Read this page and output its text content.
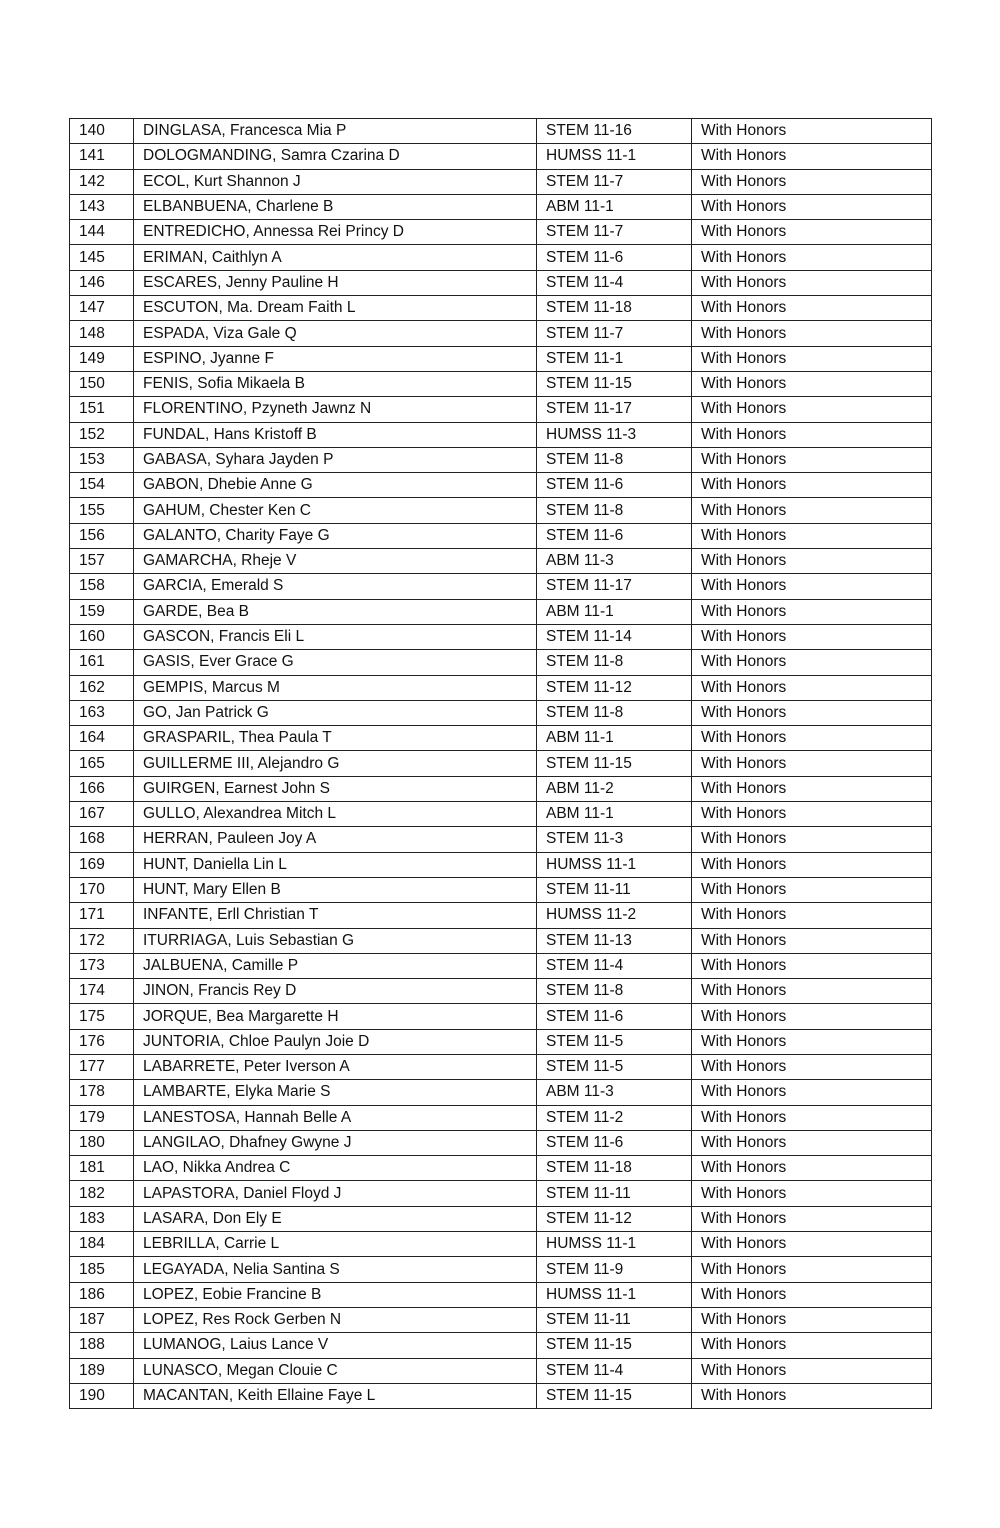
140	DINGLASA, Francesca Mia P	STEM 11-16	With Honors
141	DOLOGMANDING, Samra Czarina D	HUMSS 11-1	With Honors
142	ECOL, Kurt Shannon J	STEM 11-7	With Honors
143	ELBANBUENA, Charlene B	ABM 11-1	With Honors
144	ENTREDICHO, Annessa Rei Princy D	STEM 11-7	With Honors
145	ERIMAN, Caithlyn A	STEM 11-6	With Honors
146	ESCARES, Jenny Pauline H	STEM 11-4	With Honors
147	ESCUTON, Ma. Dream Faith L	STEM 11-18	With Honors
148	ESPADA, Viza Gale Q	STEM 11-7	With Honors
149	ESPINO, Jyanne F	STEM 11-1	With Honors
150	FENIS, Sofia Mikaela B	STEM 11-15	With Honors
151	FLORENTINO, Pzyneth Jawnz N	STEM 11-17	With Honors
152	FUNDAL, Hans Kristoff B	HUMSS 11-3	With Honors
153	GABASA, Syhara Jayden P	STEM 11-8	With Honors
154	GABON, Dhebie Anne G	STEM 11-6	With Honors
155	GAHUM, Chester Ken C	STEM 11-8	With Honors
156	GALANTO, Charity Faye G	STEM 11-6	With Honors
157	GAMARCHA, Rheje V	ABM 11-3	With Honors
158	GARCIA, Emerald S	STEM 11-17	With Honors
159	GARDE, Bea B	ABM 11-1	With Honors
160	GASCON, Francis Eli L	STEM 11-14	With Honors
161	GASIS, Ever Grace G	STEM 11-8	With Honors
162	GEMPIS, Marcus M	STEM 11-12	With Honors
163	GO, Jan Patrick G	STEM 11-8	With Honors
164	GRASPARIL, Thea Paula T	ABM 11-1	With Honors
165	GUILLERME III, Alejandro G	STEM 11-15	With Honors
166	GUIRGEN, Earnest John S	ABM 11-2	With Honors
167	GULLO, Alexandrea Mitch L	ABM 11-1	With Honors
168	HERRAN, Pauleen Joy A	STEM 11-3	With Honors
169	HUNT, Daniella Lin L	HUMSS 11-1	With Honors
170	HUNT, Mary Ellen B	STEM 11-11	With Honors
171	INFANTE, Erll Christian T	HUMSS 11-2	With Honors
172	ITURRIAGA, Luis Sebastian G	STEM 11-13	With Honors
173	JALBUENA, Camille P	STEM 11-4	With Honors
174	JINON, Francis Rey D	STEM 11-8	With Honors
175	JORQUE, Bea Margarette H	STEM 11-6	With Honors
176	JUNTORIA, Chloe Paulyn Joie D	STEM 11-5	With Honors
177	LABARRETE, Peter Iverson A	STEM 11-5	With Honors
178	LAMBARTE, Elyka Marie S	ABM 11-3	With Honors
179	LANESTOSA, Hannah Belle A	STEM 11-2	With Honors
180	LANGILAO, Dhafney Gwyne J	STEM 11-6	With Honors
181	LAO, Nikka Andrea C	STEM 11-18	With Honors
182	LAPASTORA, Daniel Floyd J	STEM 11-11	With Honors
183	LASARA, Don Ely E	STEM 11-12	With Honors
184	LEBRILLA, Carrie L	HUMSS 11-1	With Honors
185	LEGAYADA, Nelia Santina S	STEM 11-9	With Honors
186	LOPEZ, Eobie Francine B	HUMSS 11-1	With Honors
187	LOPEZ, Res Rock Gerben N	STEM 11-11	With Honors
188	LUMANOG, Laius Lance V	STEM 11-15	With Honors
189	LUNASCO, Megan Clouie C	STEM 11-4	With Honors
190	MACANTAN, Keith Ellaine Faye L	STEM 11-15	With Honors
